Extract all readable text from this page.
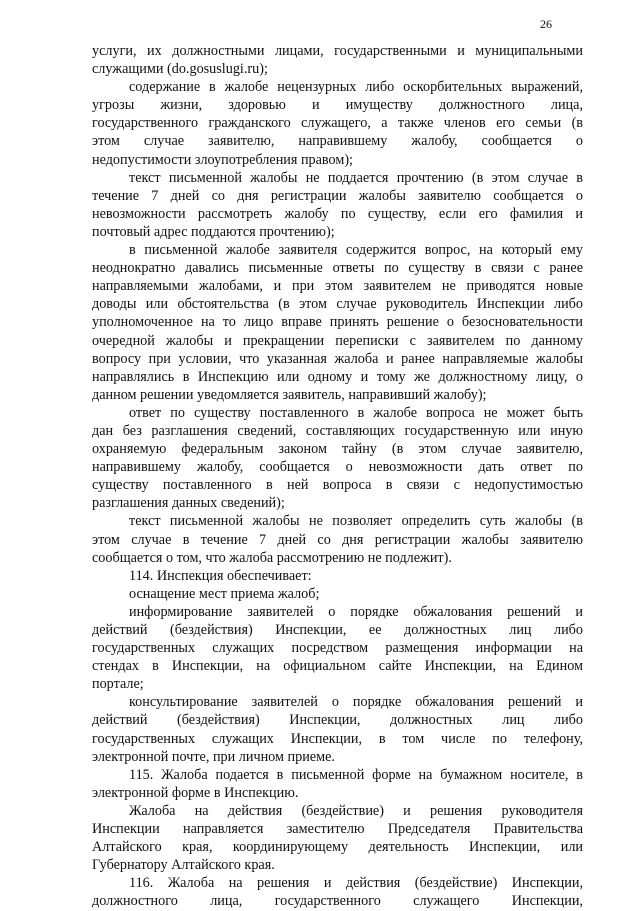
26
услуги, их должностными лицами, государственными и муниципальными
служащими (do.gosuslugi.ru);
содержание в жалобе нецензурных либо оскорбительных выражений,
угрозы жизни, здоровью и имуществу должностного лица,
государственного гражданского служащего, а также членов его семьи (в
этом случае заявителю, направившему жалобу, сообщается о
недопустимости злоупотребления правом);
текст письменной жалобы не поддается прочтению (в этом случае в
течение 7 дней со дня регистрации жалобы заявителю сообщается о
невозможности рассмотреть жалобу по существу, если его фамилия и
почтовый адрес поддаются прочтению);
в письменной жалобе заявителя содержится вопрос, на который ему
неоднократно давались письменные ответы по существу в связи с ранее
направляемыми жалобами, и при этом заявителем не приводятся новые
доводы или обстоятельства (в этом случае руководитель Инспекции либо
уполномоченное на то лицо вправе принять решение о безосновательности
очередной жалобы и прекращении переписки с заявителем по данному
вопросу при условии, что указанная жалоба и ранее направляемые жалобы
направлялись в Инспекцию или одному и тому же должностному лицу, о
данном решении уведомляется заявитель, направивший жалобу);
ответ по существу поставленного в жалобе вопроса не может быть
дан без разглашения сведений, составляющих государственную или иную
охраняемую федеральным законом тайну (в этом случае заявителю,
направившему жалобу, сообщается о невозможности дать ответ по
существу поставленного в ней вопроса в связи с недопустимостью
разглашения данных сведений);
текст письменной жалобы не позволяет определить суть жалобы (в
этом случае в течение 7 дней со дня регистрации жалобы заявителю
сообщается о том, что жалоба рассмотрению не подлежит).
114. Инспекция обеспечивает:
оснащение мест приема жалоб;
информирование заявителей о порядке обжалования решений и
действий (бездействия) Инспекции, ее должностных лиц либо
государственных служащих посредством размещения информации на
стендах в Инспекции, на официальном сайте Инспекции, на Едином
портале;
консультирование заявителей о порядке обжалования решений и
действий (бездействия) Инспекции, должностных лиц либо
государственных служащих Инспекции, в том числе по телефону,
электронной почте, при личном приеме.
115. Жалоба подается в письменной форме на бумажном носителе, в
электронной форме в Инспекцию.
Жалоба на действия (бездействие) и решения руководителя
Инспекции направляется заместителю Председателя Правительства
Алтайского края, координирующему деятельность Инспекции, или
Губернатору Алтайского края.
116. Жалоба на решения и действия (бездействие) Инспекции,
должностного лица, государственного служащего Инспекции,
